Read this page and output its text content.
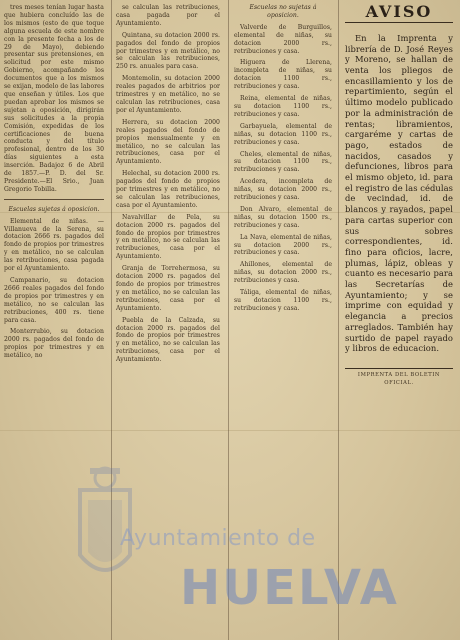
tres meses tenían lugar hasta que hubiera concluído las de los mismos (esto de que toque alguna escuela de este nombre con la presente fecha a los de 29 de Mayo), debiendo presentar sus pretensiones, en solicitud por este mismo Gobierno, acompañando los documentos que a los mismos se exijan, modelo de las labores que enseñan y útiles. Los que puedan aprobar los mismos se sujetan a oposición, dirigirán sus solicitudes a la propia Comisión, expedidas de los certificaciones de buena conducta y del título profesional, dentro de los 30 días siguientes a esta inserción. Badajoz 6 de Abril de 1857.—P. D. del Sr. Presidente.—El Srio., Juan Gregorio Tobilla.

Escuelas sujetas á oposicion.

Elemental de niñas. — Villanueva de la Serena, su dotacion 2666 rs. pagados del fondo de propios por trimestres y en metálico, no se calculan las retribuciones, casa pagada por el Ayuntamiento.

Campanario, su dotacion 2666 reales pagados del fondo de propios por trimestres y en metálico, no se calculan las retribuciones, 400 rs. tiene para casa.

Monterrubio, su dotacion 2000 rs. pagados del fondo de propios por trimestres y en metálico, no

se calculan las retribuciones, casa pagada por el Ayuntamiento.

Quintana, su dotacion 2000 rs. pagados del fondo de propios por trimestres y en metálico, no se calculan las retribuciones, 250 rs. anuales para casa.

Montemolin, su dotacion 2000 reales pagados de arbitrios por trimestres y en metálico, no se calculan las retribuciones, casa por el Ayuntamiento.

Herrera, su dotacion 2000 reales pagados del fondo de propios mensualmente y en metálico, no se calculan las retribuciones, casa por el Ayuntamiento.

Helechal, su dotacion 2000 rs. pagados del fondo de propios por trimestres y en metálico, no se calculan las retribuciones, casa por el Ayuntamiento.

Navalvillar de Pela, su dotacion 2000 rs. pagados del fondo de propios por trimestres y en metálico, no se calculan las retribuciones, casa por el Ayuntamiento.

Granja de Torrehermosa, su dotacion 2000 rs. pagados del fondo de propios por trimestres y en metálico, no se calculan las retribuciones, casa por el Ayuntamiento.

Puebla de la Calzada, su dotacion 2000 rs. pagados del fondo de propios por trimestres y en metálico, no se calculan las retribuciones, casa por el Ayuntamiento.

Escuelas no sujetas á oposicion.

Valverde de Burguillos, elemental de niñas, su dotacion 2000 rs., retribuciones y casa.

Higuera de Llerena, incompleta de niñas, su dotacion 1100 rs., retribuciones y casa.

Reina, elemental de niñas, su dotacion 1100 rs., retribuciones y casa.

Garbayuela, elemental de niñas, su dotacion 1100 rs., retribuciones y casa.

Cheles, elemental de niñas, su dotacion 1100 rs., retribuciones y casa.

Acedera, incompleta de niñas, su dotacion 2000 rs., retribuciones y casa.

Don Alvaro, elemental de niñas, su dotacion 1500 rs., retribuciones y casa.

La Nava, elemental de niñas, su dotacion 2000 rs., retribuciones y casa.

Ahillones, elemental de niñas, su dotacion 2000 rs., retribuciones y casa.

Táliga, elemental de niñas, su dotacion 1100 rs., retribuciones y casa.

AVISO

En la Imprenta y librería de D. José Reyes y Moreno, se hallan de venta los pliegos de encasillamiento y los de repartimiento, según el último modelo publicado por la administración de rentas; libramientos, cargaréme y cartas de pago, estados de nacidos, casados y defunciones, libros para el mismo objeto, id. para el registro de las cédulas de vecindad, id. de blancos y rayados, papel para cartas superior con sus sobres correspondientes, id. fino para oficios, lacre, plumas, lápiz, obleas y cuanto es necesario para las Secretarías de Ayuntamiento; y se imprime con equidad y elegancia a precios arreglados. También hay surtido de papel rayado y libros de educacion.

IMPRENTA DEL BOLETIN OFICIAL.
Ayuntamiento de
HUELVA
